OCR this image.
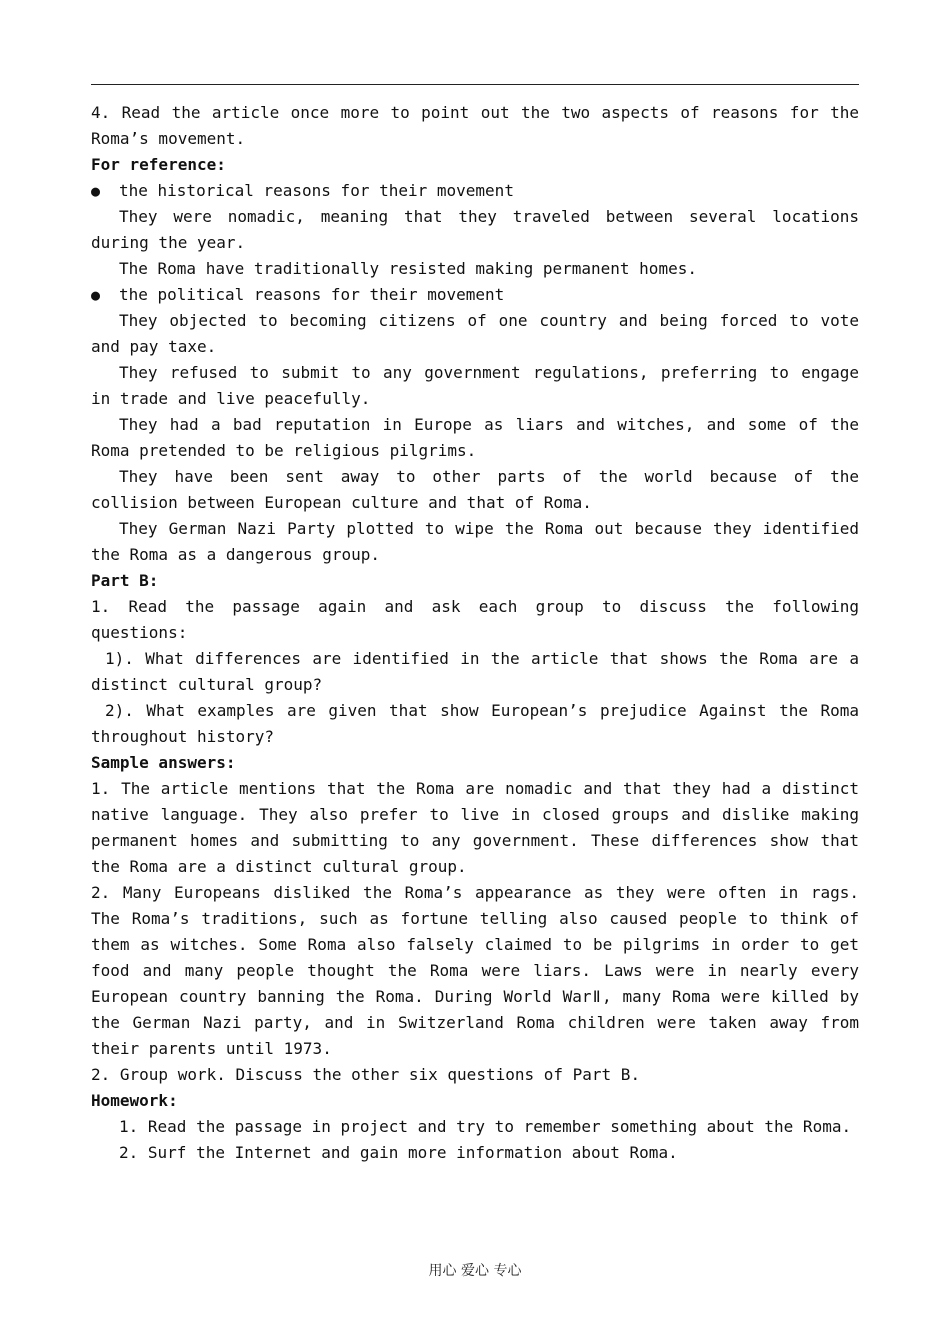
4. Read the article once more to point out the two aspects of reasons for the Roma’s movement.

For reference:

●	the historical reasons for their movement

They were nomadic, meaning that they traveled between several locations during the year.

The Roma have traditionally resisted making permanent homes.

●	the political reasons for their movement

They objected to becoming citizens of one country and being forced to vote and pay taxe.

They refused to submit to any government regulations, preferring to engage in trade and live peacefully.

They had a bad reputation in Europe as liars and witches, and some of the Roma pretended to be religious pilgrims.

They have been sent away to other parts of the world because of the collision between European culture and that of Roma.

They German Nazi Party plotted to wipe the Roma out because they identified the Roma as a dangerous group.

Part B:

1. Read the passage again and ask each group to discuss the following questions:

1). What differences are identified in the article that shows the Roma are a distinct cultural group?

2). What examples are given that show European’s prejudice Against the Roma throughout history?

Sample answers:

1. The article mentions that the Roma are nomadic and that they had a distinct native language. They also prefer to live in closed groups and dislike making permanent homes and submitting to any government. These differences show that the Roma are a distinct cultural group.

2. Many Europeans disliked the Roma’s appearance as they were often in rags. The Roma’s traditions, such as fortune telling also caused people to think of them as witches. Some Roma also falsely claimed to be pilgrims in order to get food and many people thought the Roma were liars. Laws were in nearly every European country banning the Roma. During World WarⅡ, many Roma were killed by the German Nazi party, and in Switzerland Roma children were taken away from their parents until 1973.

2. Group work. Discuss the other six questions of Part B.

Homework:

1. Read the passage in project and try to remember something about the Roma.

2. Surf the Internet and gain more information about Roma.

用心 爱心 专心
